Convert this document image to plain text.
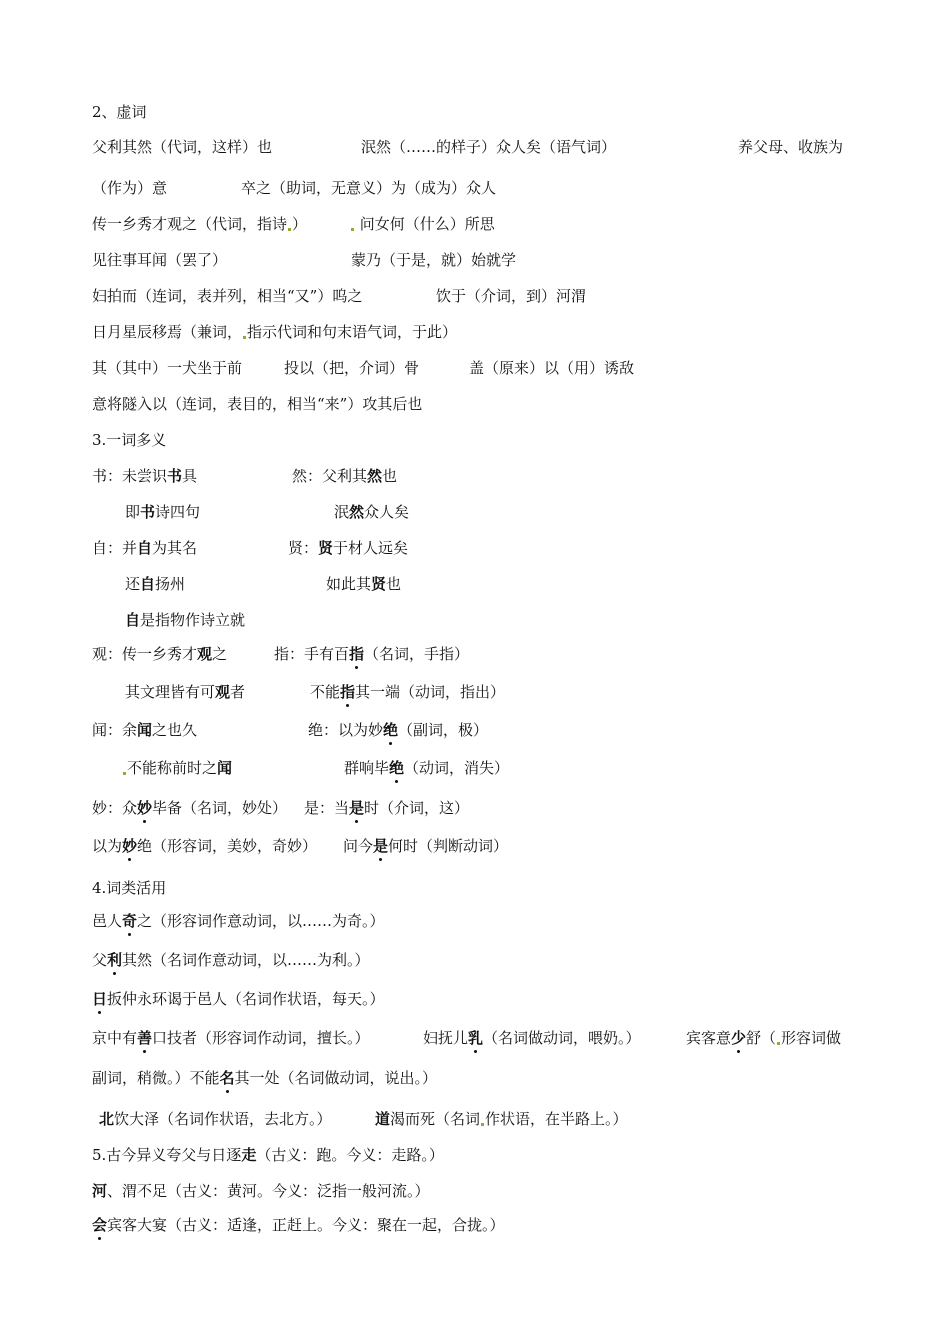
2、虚词
父利其然（代词，这样）也	泯然（……的样子）众人矣（语气词）	养父母、收族为
（作为）意	卒之（助词，无意义）为（成为）众人
传一乡秀才观之（代词，指诗 ）	问女何（什么）所思
见往事耳闻（罢了）	蒙乃（于是，就）始就学
妇拍而（连词，表并列，相当“又”）呜之	饮于（介词，到）河渭
日月星辰移焉（兼词， 指示代词和句末语气词，于此）
其（其中）一犬坐于前	投以（把，介词）骨	盖（原来）以（用）诱敌
意将隧入以（连词，表目的，相当“来”）攻其后也
3.一词多义
书：未尝识书具	然：父利其然也
即书诗四句	泯然众人矣
自：并自为其名	贤：贤于材人远矣
还自扬州	如此其贤也
自是指物作诗立就
观：传一乡秀才观之	指：手有百指（名词，手指）
其文理皆有可观者	不能指其一端（动词，指出）
闻：余闻之也久	绝：以为妙绝（副词，极）
不能称前时之闻	群响毕绝（动词，消失）
妙：众妙毕备（名词，妙处） 是：当是时（介词，这）
以为妙绝（形容词，美妙，奇妙） 问今是何时（判断动词）
4.词类活用
邑人奇之（形容词作意动词，以……为奇。）
父利其然（名词作意动词，以……为利。）
日扳仲永环谒于邑人（名词作状语，每天。）
京中有善口技者（形容词作动词，擅长。）	妇抚儿乳（名词做动词，喂奶。）	宾客意少舒（ 形容词做
副词，稍微。）不能名其一处（名词做动词，说出。）
北饮大泽（名词作状语，去北方。）	道渴而死（名词 作状语，在半路上。）
5.古今异义夸父与日逐走（古义：跑。今义：走路。）
河、渭不足（古义：黄河。今义：泛指一般河流。）
会宾客大宴（古义：适逢，正赶上。今义：聚在一起，合拢。）
